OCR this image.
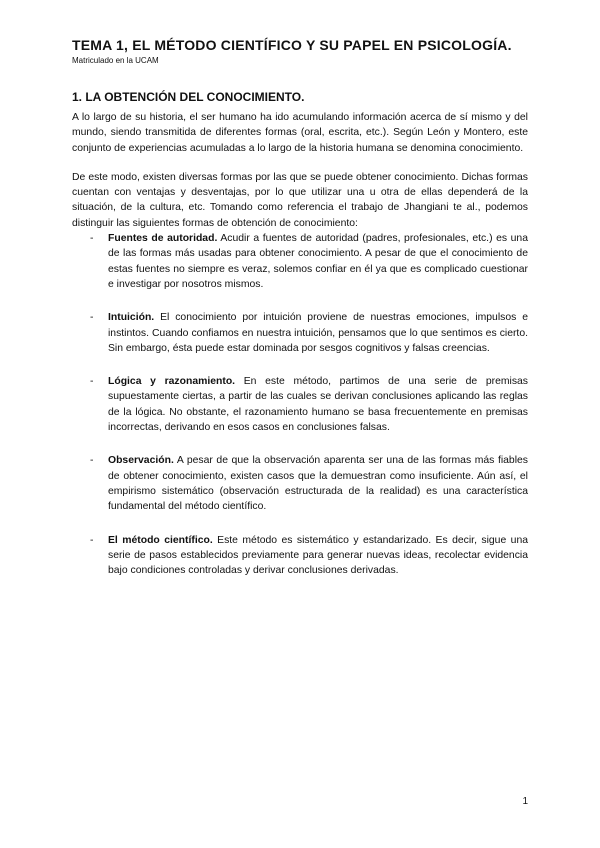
TEMA 1, EL MÉTODO CIENTÍFICO Y SU PAPEL EN PSICOLOGÍA.
Matriculado en la UCAM
1. LA OBTENCIÓN DEL CONOCIMIENTO.

A lo largo de su historia, el ser humano ha ido acumulando información acerca de sí mismo y del mundo, siendo transmitida de diferentes formas (oral, escrita, etc.). Según León y Montero, este conjunto de experiencias acumuladas a lo largo de la historia humana se denomina conocimiento.

De este modo, existen diversas formas por las que se puede obtener conocimiento. Dichas formas cuentan con ventajas y desventajas, por lo que utilizar una u otra de ellas dependerá de la situación, de la cultura, etc. Tomando como referencia el trabajo de Jhangiani te al., podemos distinguir las siguientes formas de obtención de conocimiento:

- Fuentes de autoridad. Acudir a fuentes de autoridad (padres, profesionales, etc.) es una de las formas más usadas para obtener conocimiento. A pesar de que el conocimiento de estas fuentes no siempre es veraz, solemos confiar en él ya que es complicado cuestionar e investigar por nosotros mismos.
- Intuición. El conocimiento por intuición proviene de nuestras emociones, impulsos e instintos. Cuando confiamos en nuestra intuición, pensamos que lo que sentimos es cierto. Sin embargo, ésta puede estar dominada por sesgos cognitivos y falsas creencias.
- Lógica y razonamiento. En este método, partimos de una serie de premisas supuestamente ciertas, a partir de las cuales se derivan conclusiones aplicando las reglas de la lógica. No obstante, el razonamiento humano se basa frecuentemente en premisas incorrectas, derivando en esos casos en conclusiones falsas.
- Observación. A pesar de que la observación aparenta ser una de las formas más fiables de obtener conocimiento, existen casos que la demuestran como insuficiente. Aún así, el empirismo sistemático (observación estructurada de la realidad) es una característica fundamental del método científico.
- El método científico. Este método es sistemático y estandarizado. Es decir, sigue una serie de pasos establecidos previamente para generar nuevas ideas, recolectar evidencia bajo condiciones controladas y derivar conclusiones derivadas.
1
